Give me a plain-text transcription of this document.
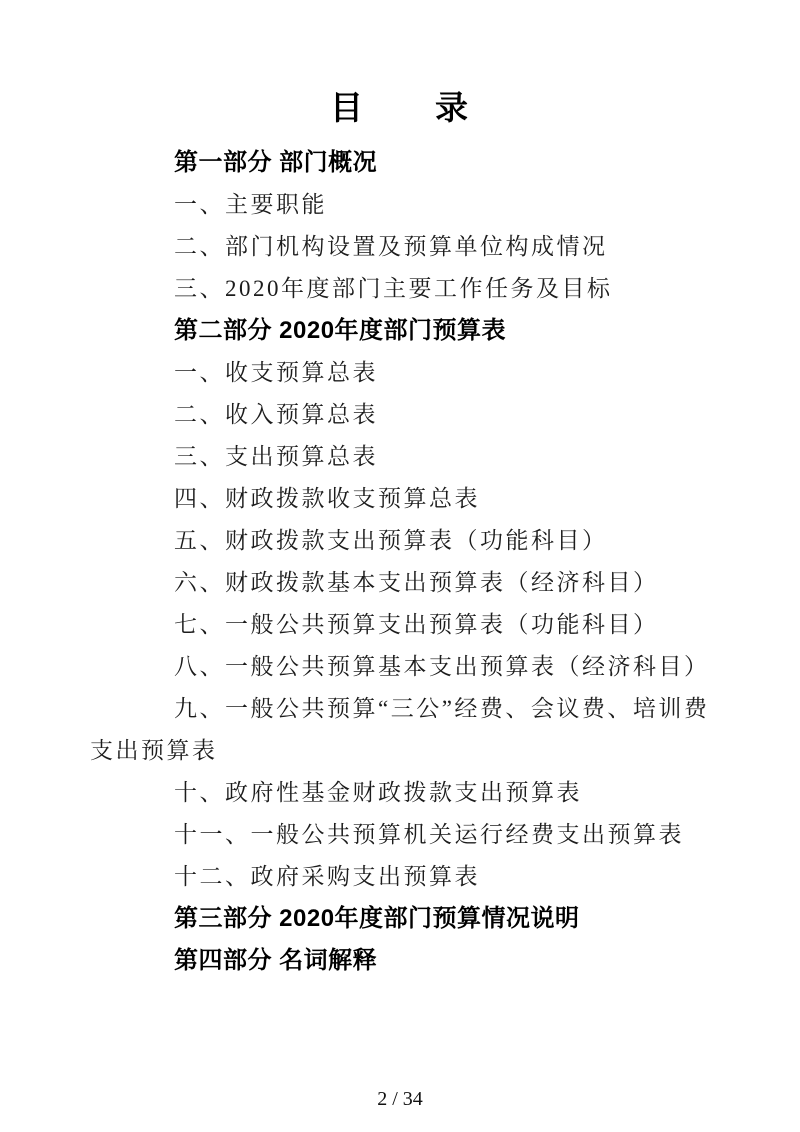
目　　录
第一部分 部门概况
一、主要职能
二、部门机构设置及预算单位构成情况
三、2020年度部门主要工作任务及目标
第二部分 2020年度部门预算表
一、收支预算总表
二、收入预算总表
三、支出预算总表
四、财政拨款收支预算总表
五、财政拨款支出预算表（功能科目）
六、财政拨款基本支出预算表（经济科目）
七、一般公共预算支出预算表（功能科目）
八、一般公共预算基本支出预算表（经济科目）
九、一般公共预算“三公”经费、会议费、培训费
支出预算表
十、政府性基金财政拨款支出预算表
十一、一般公共预算机关运行经费支出预算表
十二、政府采购支出预算表
第三部分 2020年度部门预算情况说明
第四部分 名词解释
2 / 34
